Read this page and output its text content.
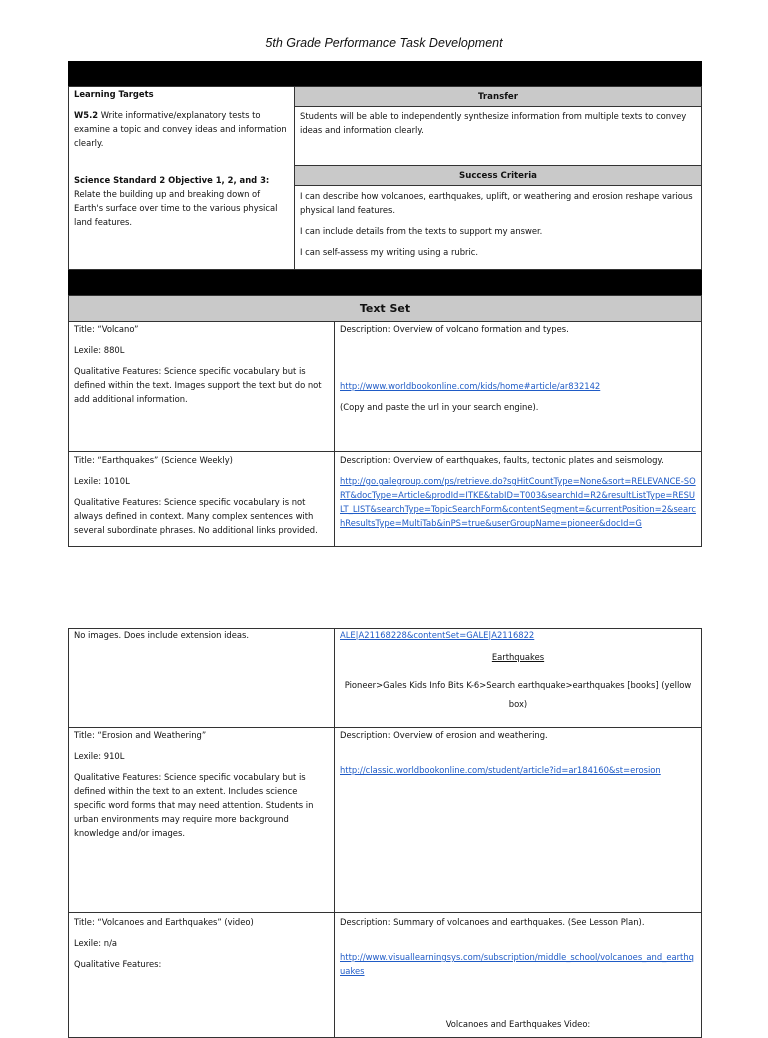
5th Grade Performance Task Development

Learning Targets

W5.2 Write informative/explanatory tests to examine a topic and convey ideas and information clearly.

Science Standard 2 Objective 1, 2, and 3: Relate the building up and breaking down of Earth's surface over time to the various physical land features.

Transfer
Students will be able to independently synthesize information from multiple texts to convey ideas and information clearly.
Success Criteria

I can describe how volcanoes, earthquakes, uplift, or weathering and erosion reshape various physical land features.

I can include details from the texts to support my answer.

I can self-assess my writing using a rubric.

Text Set

Title: “Volcano”

Lexile: 880L

Qualitative Features: Science specific vocabulary but is defined within the text. Images support the text but do not add additional information.

Description: Overview of volcano formation and types.

http://www.worldbookonline.com/kids/home#article/ar832142

(Copy and paste the url in your search engine).

Title: “Earthquakes” (Science Weekly)

Lexile: 1010L

Qualitative Features: Science specific vocabulary is not always defined in context. Many complex sentences with several subordinate phrases. No additional links provided.

Description: Overview of earthquakes, faults, tectonic plates and seismology.

http://go.galegroup.com/ps/retrieve.do?sgHitCountType=None&sort=RELEVANCE-SORT&docType=Article&prodId=ITKE&tabID=T003&searchId=R2&resultListType=RESULT_LIST&searchType=TopicSearchForm&contentSegment=&currentPosition=2&searchResultsType=MultiTab&inPS=true&userGroupName=pioneer&docId=G

No images. Does include extension ideas.	ALE|A21168228&contentSet=GALE|A2116822

Earthquakes

Pioneer>Gales Kids Info Bits K-6>Search earthquake>earthquakes [books] (yellow box)

Title: “Erosion and Weathering”

Lexile: 910L

Qualitative Features: Science specific vocabulary but is defined within the text to an extent. Includes science specific word forms that may need attention. Students in urban environments may require more background knowledge and/or images.

Description: Overview of erosion and weathering.

http://classic.worldbookonline.com/student/article?id=ar184160&st=erosion

Title: “Volcanoes and Earthquakes” (video)

Lexile: n/a

Qualitative Features:

Description: Summary of volcanoes and earthquakes. (See Lesson Plan).

http://www.visuallearningsys.com/subscription/middle_school/volcanoes_and_earthquakes

Volcanoes and Earthquakes Video:
